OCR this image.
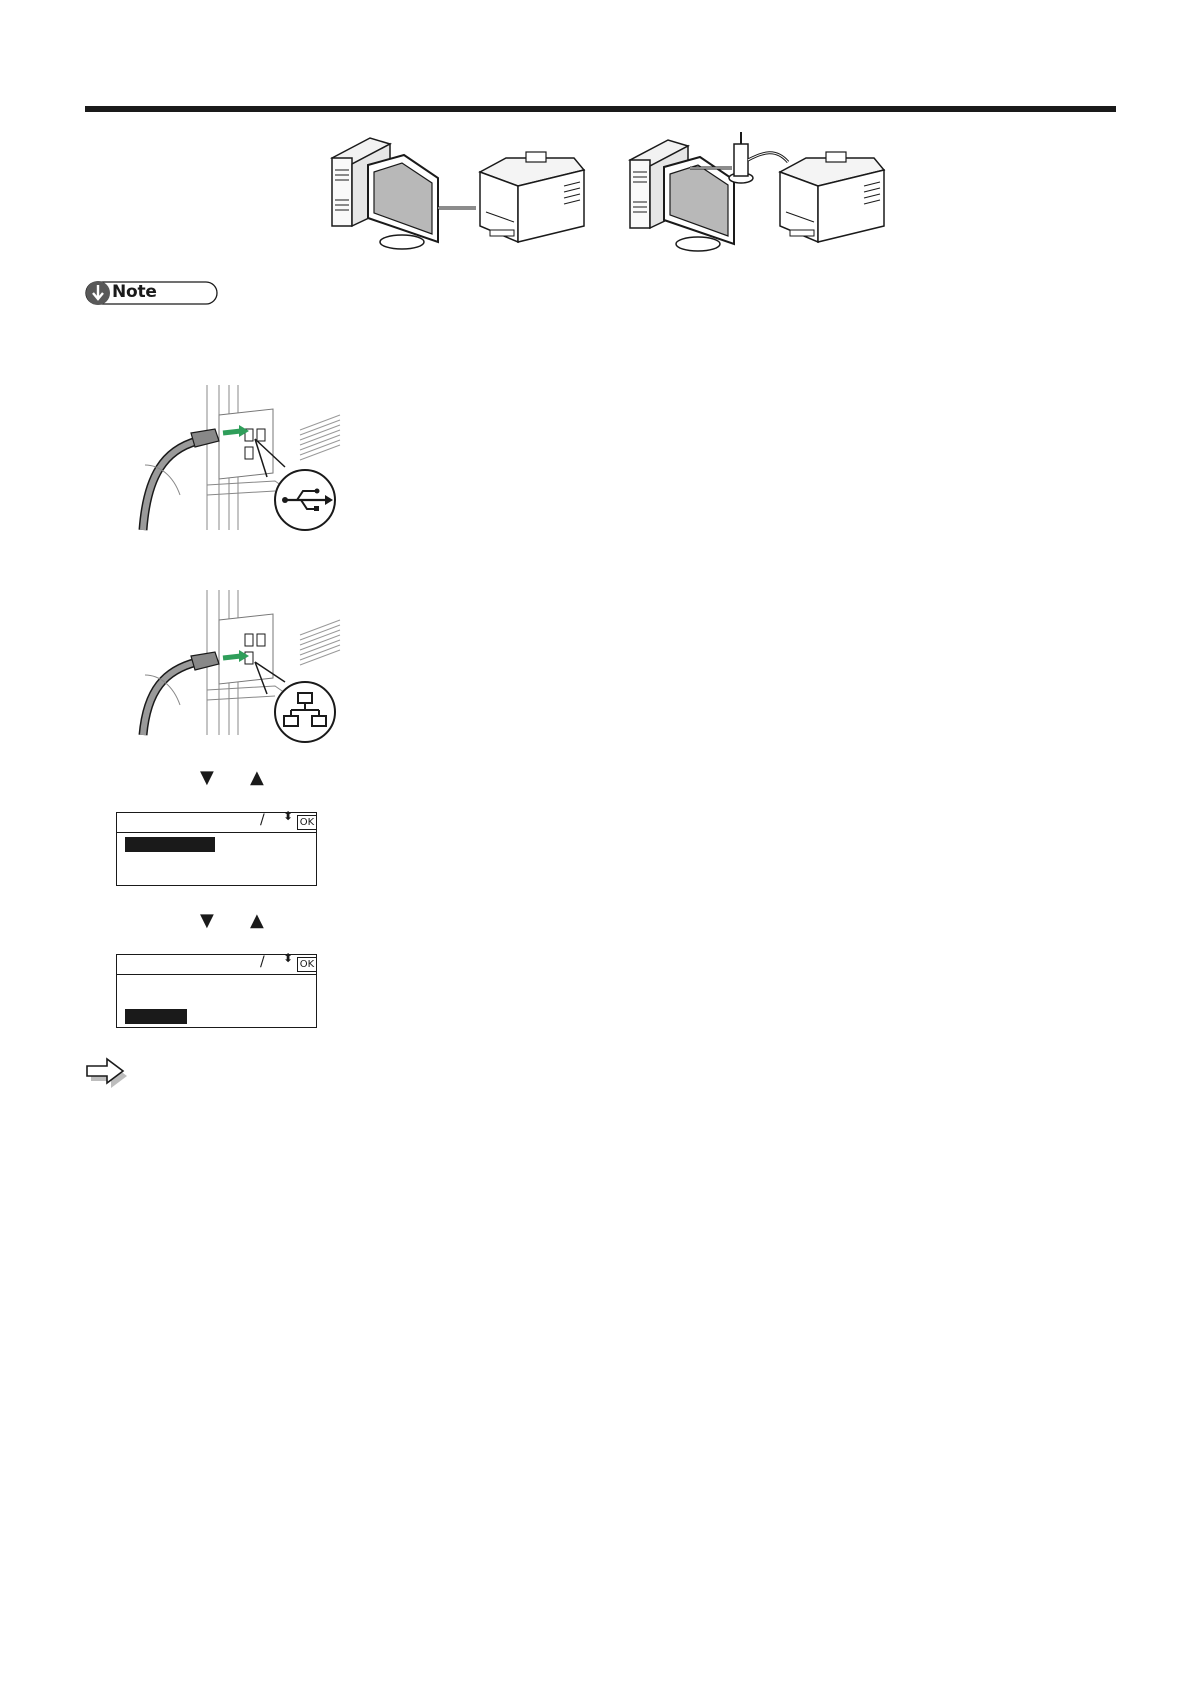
Note
▼ ▲
/ ⬍ OK
▼ ▲
/ ⬍ OK
